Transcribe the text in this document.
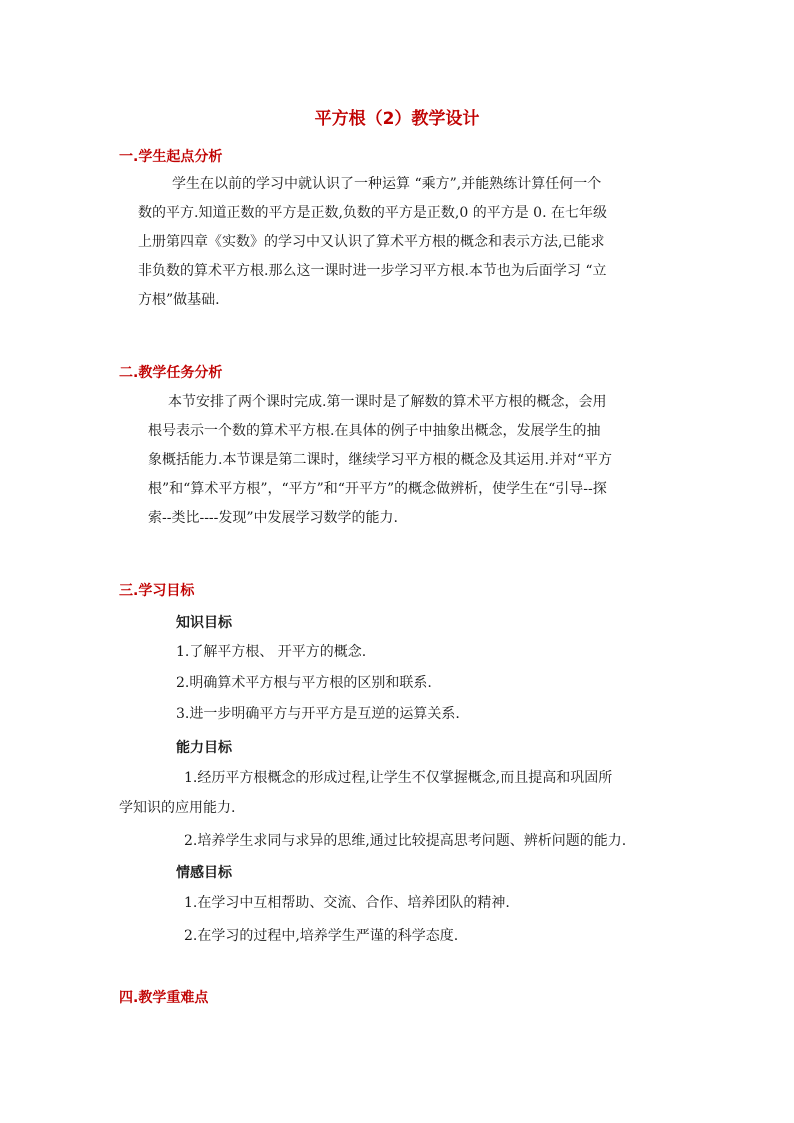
平方根（2）教学设计
一.学生起点分析
学生在以前的学习中就认识了一种运算 “乘方”,并能熟练计算任何一个
数的平方.知道正数的平方是正数,负数的平方是正数,0 的平方是 0. 在七年级
上册第四章《实数》的学习中又认识了算术平方根的概念和表示方法,已能求
非负数的算术平方根.那么这一课时进一步学习平方根.本节也为后面学习 “立
方根”做基础.
二.教学任务分析
本节安排了两个课时完成.第一课时是了解数的算术平方根的概念，会用
根号表示一个数的算术平方根.在具体的例子中抽象出概念，发展学生的抽
象概括能力.本节课是第二课时，继续学习平方根的概念及其运用.并对“平方
根”和“算术平方根”，“平方”和“开平方”的概念做辨析，使学生在“引导--探
索--类比----发现”中发展学习数学的能力.
三.学习目标
知识目标
1.了解平方根、 开平方的概念.
2.明确算术平方根与平方根的区别和联系.
3.进一步明确平方与开平方是互逆的运算关系.
能力目标
1.经历平方根概念的形成过程,让学生不仅掌握概念,而且提高和巩固所
学知识的应用能力.
2.培养学生求同与求异的思维,通过比较提高思考问题、辨析问题的能力.
情感目标
1.在学习中互相帮助、交流、合作、培养团队的精神.
2.在学习的过程中,培养学生严谨的科学态度.
四.教学重难点
